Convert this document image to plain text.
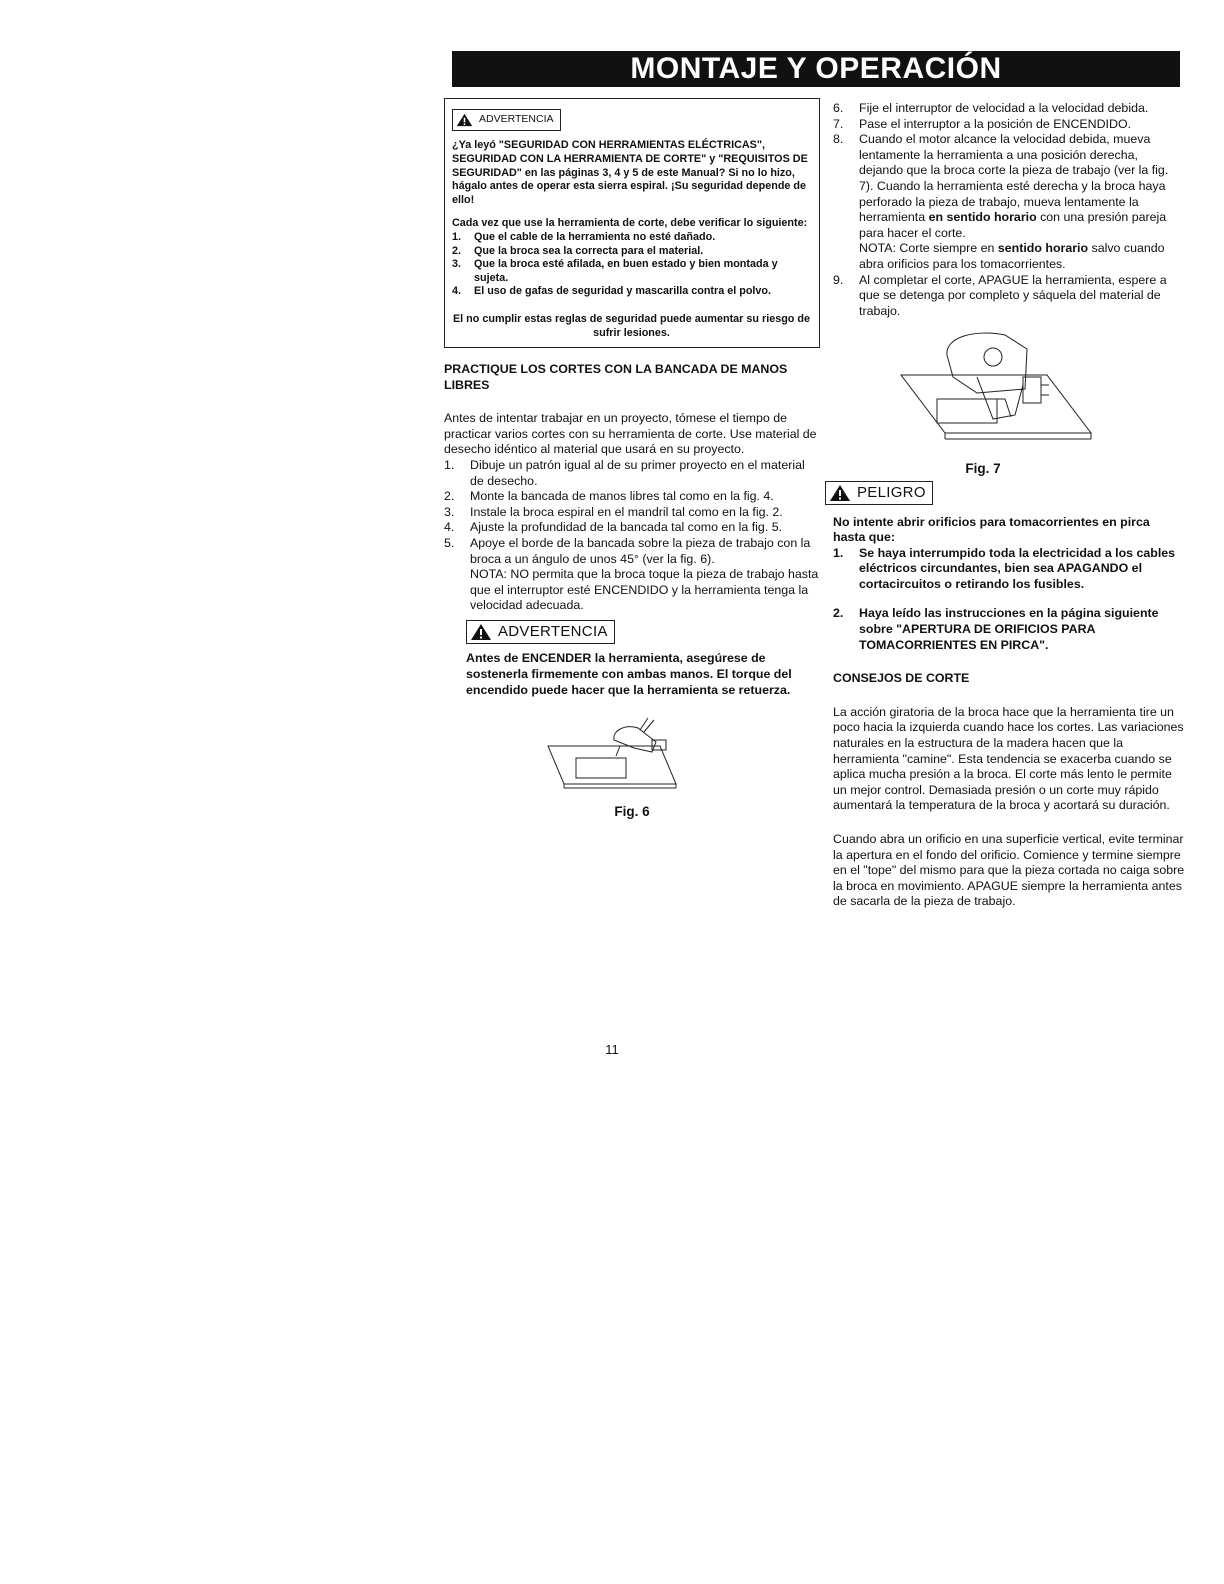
MONTAJE Y OPERACIÓN
ADVERTENCIA

¿Ya leyó "SEGURIDAD CON HERRAMIENTAS ELÉCTRICAS", SEGURIDAD CON LA HERRAMIENTA DE CORTE" y "REQUISITOS DE SEGURIDAD" en las páginas 3, 4 y 5 de este Manual? Si no lo hizo, hágalo antes de operar esta sierra espiral. ¡Su seguridad depende de ello!

Cada vez que use la herramienta de corte, debe verificar lo siguiente:

1. Que el cable de la herramienta no esté dañado.
2. Que la broca sea la correcta para el material.
3. Que la broca esté afilada, en buen estado y bien montada y sujeta.
4. El uso de gafas de seguridad y mascarilla contra el polvo.

El no cumplir estas reglas de seguridad puede aumentar su riesgo de sufrir lesiones.

PRACTIQUE LOS CORTES CON LA BANCADA DE MANOS LIBRES

Antes de intentar trabajar en un proyecto, tómese el tiempo de practicar varios cortes con su herramienta de corte. Use material de desecho idéntico al material que usará en su proyecto.

1. Dibuje un patrón igual al de su primer proyecto en el material de desecho.
2. Monte la bancada de manos libres tal como en la fig. 4.
3. Instale la broca espiral en el mandril tal como en la fig. 2.
4. Ajuste la profundidad de la bancada tal como en la fig. 5.
5. Apoye el borde de la bancada sobre la pieza de trabajo con la broca a un ángulo de unos 45° (ver la fig. 6).
NOTA: NO permita que la broca toque la pieza de trabajo hasta que el interruptor esté ENCENDIDO y la herramienta tenga la velocidad adecuada.
ADVERTENCIA

Antes de ENCENDER la herramienta, asegúrese de sostenerla firmemente con ambas manos. El torque del encendido puede hacer que la herramienta se retuerza.

Fig. 6

6. Fije el interruptor de velocidad a la velocidad debida.
7. Pase el interruptor a la posición de ENCENDIDO.
8. Cuando el motor alcance la velocidad debida, mueva lentamente la herramienta a una posición derecha, dejando que la broca corte la pieza de trabajo (ver la fig. 7). Cuando la herramienta esté derecha y la broca haya perforado la pieza de trabajo, mueva lentamente la herramienta en sentido horario con una presión pareja para hacer el corte.
NOTA: Corte siempre en sentido horario salvo cuando abra orificios para los tomacorrientes.
9. Al completar el corte, APAGUE la herramienta, espere a que se detenga por completo y sáquela del material de trabajo.

Fig. 7

PELIGRO

No intente abrir orificios para tomacorrientes en pirca hasta que:

1. Se haya interrumpido toda la electricidad a los cables eléctricos circundantes, bien sea APAGANDO el cortacircuitos o retirando los fusibles.
2. Haya leído las instrucciones en la página siguiente sobre "APERTURA DE ORIFICIOS PARA TOMACORRIENTES EN PIRCA".

CONSEJOS DE CORTE

La acción giratoria de la broca hace que la herramienta tire un poco hacia la izquierda cuando hace los cortes. Las variaciones naturales en la estructura de la madera hacen que la herramienta "camine". Esta tendencia se exacerba cuando se aplica mucha presión a la broca. El corte más lento le permite un mejor control. Demasiada presión o un corte muy rápido aumentará la temperatura de la broca y acortará su duración.

Cuando abra un orificio en una superficie vertical, evite terminar la apertura en el fondo del orificio. Comience y termine siempre en el "tope" del mismo para que la pieza cortada no caiga sobre la broca en movimiento. APAGUE siempre la herramienta antes de sacarla de la pieza de trabajo.

11
